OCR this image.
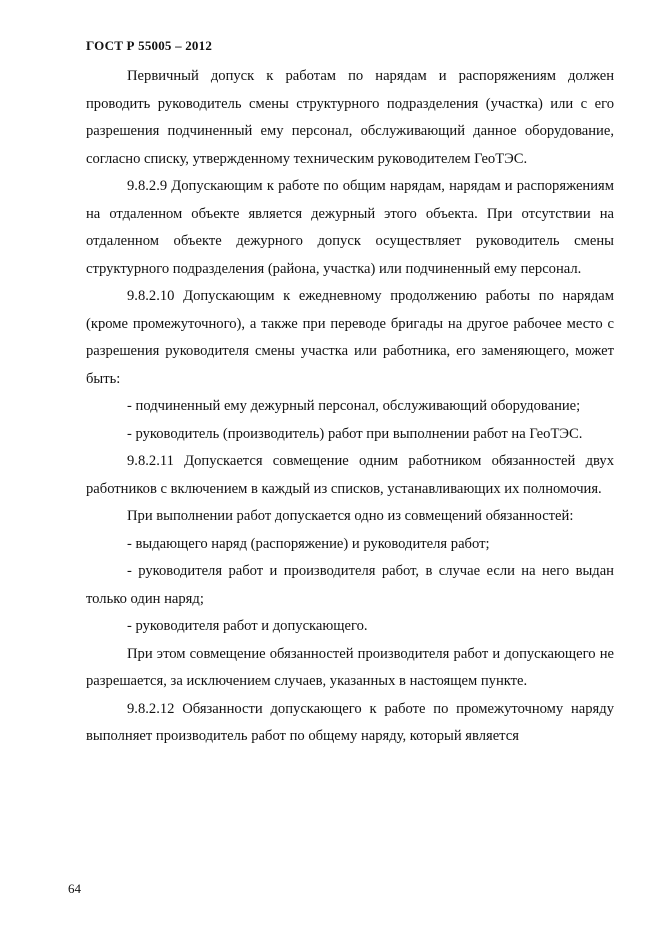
ГОСТ Р 55005 – 2012

Первичный допуск к работам по нарядам и распоряжениям должен проводить руководитель смены структурного подразделения (участка) или с его разрешения подчиненный ему персонал, обслуживающий данное оборудование, согласно списку, утвержденному техническим руководителем ГеоТЭС.

9.8.2.9 Допускающим к работе по общим нарядам, нарядам и распоряжениям на отдаленном объекте является дежурный этого объекта. При отсутствии на отдаленном объекте дежурного допуск осуществляет руководитель смены структурного подразделения (района, участка) или подчиненный ему персонал.

9.8.2.10 Допускающим к ежедневному продолжению работы по нарядам (кроме промежуточного), а также при переводе бригады на другое рабочее место с разрешения руководителя смены участка или работника, его заменяющего, может быть:

- подчиненный ему дежурный персонал, обслуживающий оборудование;

- руководитель (производитель) работ при выполнении работ на ГеоТЭС.

9.8.2.11 Допускается совмещение одним работником обязанностей двух работников с включением в каждый из списков, устанавливающих их полномочия.

При выполнении работ допускается одно из совмещений обязанностей:

- выдающего наряд (распоряжение) и руководителя работ;

- руководителя работ и производителя работ, в случае если на него выдан только один наряд;

- руководителя работ и допускающего.

При этом совмещение обязанностей производителя работ и допускающего не разрешается, за исключением случаев, указанных в настоящем пункте.

9.8.2.12 Обязанности допускающего к работе по промежуточному наряду выполняет производитель работ по общему наряду, который является

64
